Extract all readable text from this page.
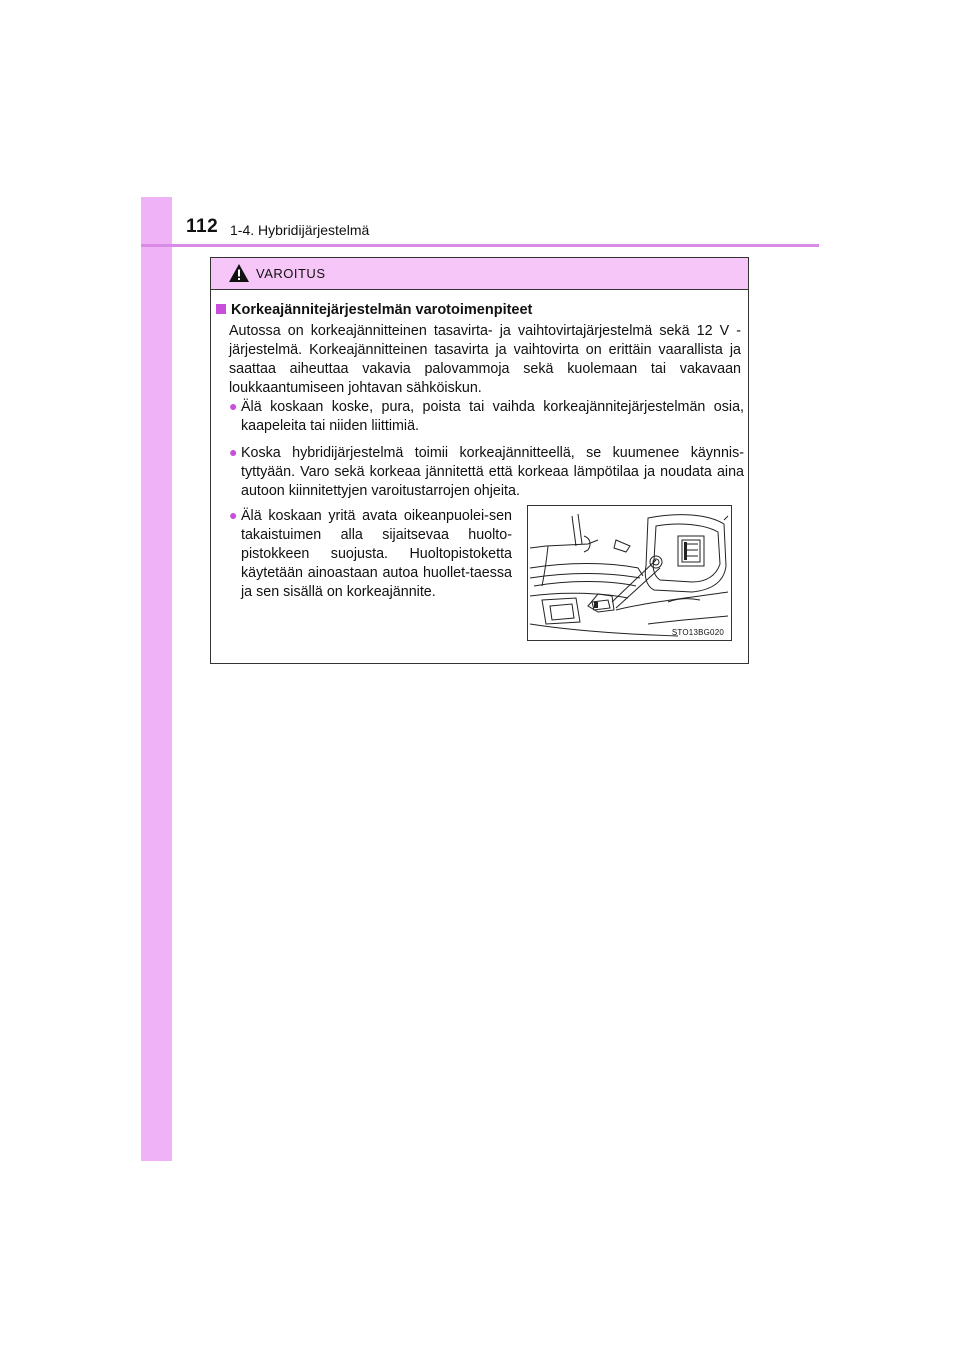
112 1-4. Hybridijärjestelmä
VAROITUS
Korkeajännitejärjestelmän varotoimenpiteet
Autossa on korkeajännitteinen tasavirta- ja vaihtovirtajärjestelmä sekä 12 V -järjestelmä. Korkeajännitteinen tasavirta ja vaihtovirta on erittäin vaarallista ja saattaa aiheuttaa vakavia palovammoja sekä kuolemaan tai vakavaan loukkaantumiseen johtavan sähköiskun.
● Älä koskaan koske, pura, poista tai vaihda korkeajännitejärjestelmän osia, kaapeleita tai niiden liittimiä.
● Koska hybridijärjestelmä toimii korkeajännitteellä, se kuumenee käynnis-tyttyään. Varo sekä korkeaa jännitettä että korkeaa lämpötilaa ja noudata aina autoon kiinnitettyjen varoitustarrojen ohjeita.
● Älä koskaan yritä avata oikeanpuolei-sen takaistuimen alla sijaitsevaa huolto-pistokkeen suojusta. Huoltopistoketta käytetään ainoastaan autoa huollet-taessa ja sen sisällä on korkeajännite.
STO13BG020
